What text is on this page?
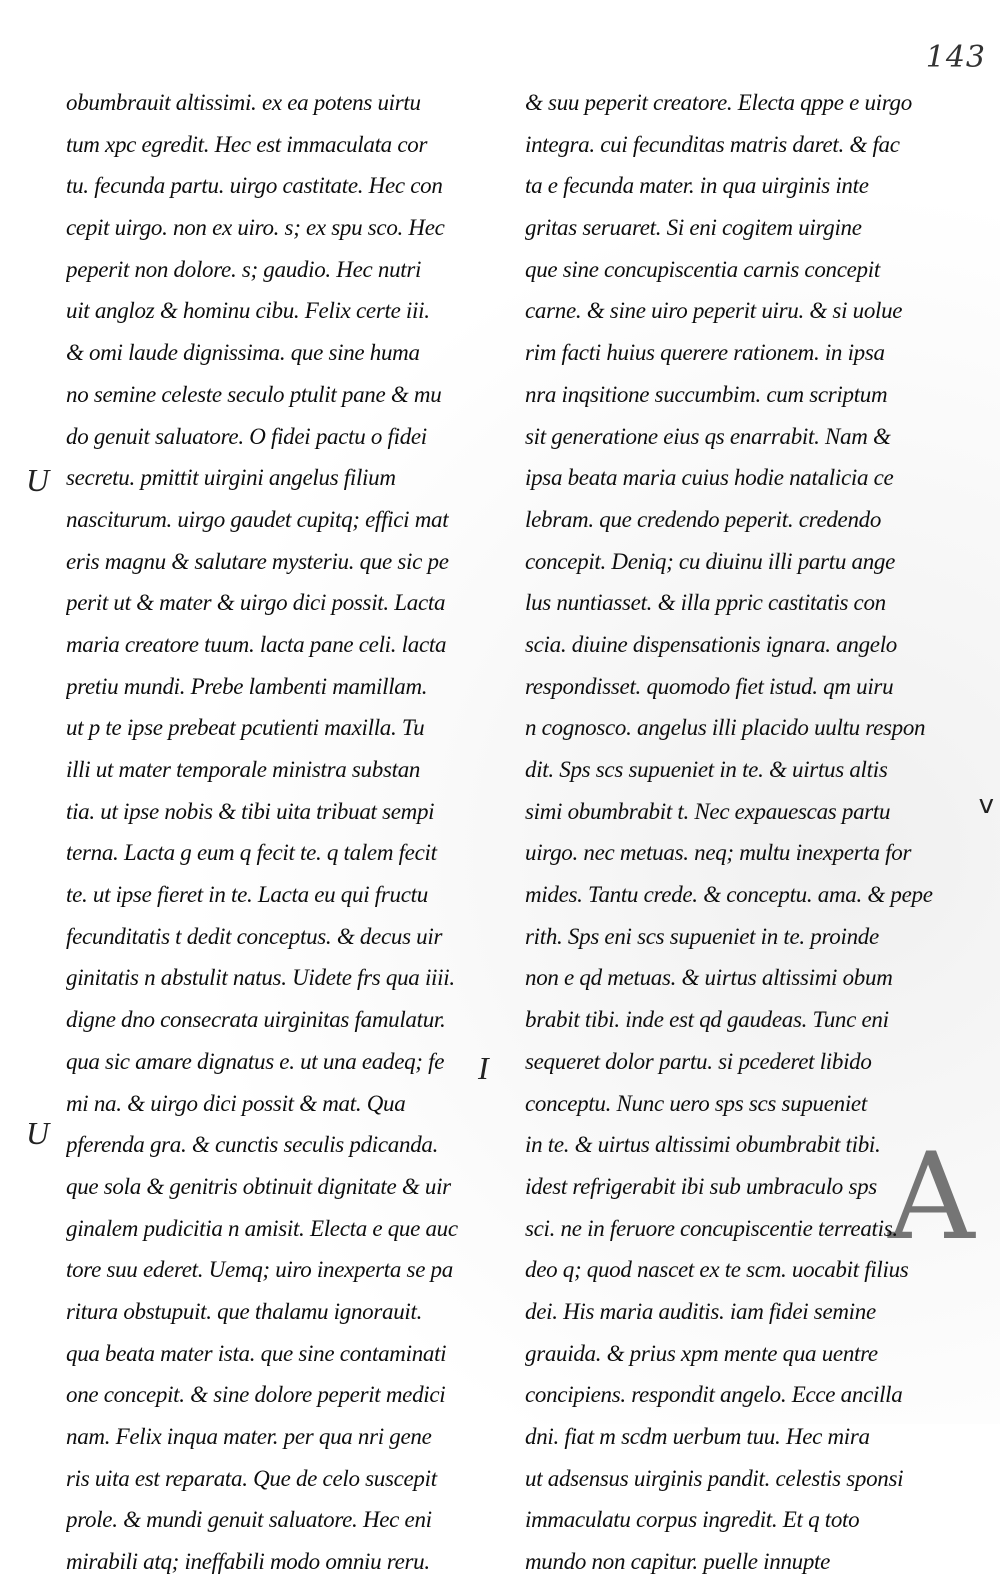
143
U
U
I
v
A
obumbrauit altissimi. ex ea potens uirtu
tum xpc egredit. Hec est immaculata cor
tu. fecunda partu. uirgo castitate. Hec con
cepit uirgo. non ex uiro. s; ex spu sco. Hec
peperit non dolore. s; gaudio. Hec nutri
uit angloz & hominu cibu. Felix certe iii.
& omi laude dignissima. que sine huma
no semine celeste seculo ptulit pane & mu
do genuit saluatore. O fidei pactu o fidei
secretu. pmittit uirgini angelus filium
nasciturum. uirgo gaudet cupitq; effici mat
eris magnu & salutare mysteriu. que sic pe
perit ut & mater & uirgo dici possit. Lacta
maria creatore tuum. lacta pane celi. lacta
pretiu mundi. Prebe lambenti mamillam.
ut p te ipse prebeat pcutienti maxilla. Tu
illi ut mater temporale ministra substan
tia. ut ipse nobis & tibi uita tribuat sempi
terna. Lacta g eum q fecit te. q talem fecit
te. ut ipse fieret in te. Lacta eu qui fructu
fecunditatis t dedit conceptus. & decus uir
ginitatis n abstulit natus. Uidete frs qua iiii.
digne dno consecrata uirginitas famulatur.
qua sic amare dignatus e. ut una eadeq; fe
mi na. & uirgo dici possit & mat. Qua
pferenda gra. & cunctis seculis pdicanda.
que sola & genitris obtinuit dignitate & uir
ginalem pudicitia n amisit. Electa e que auc
tore suu ederet. Uemq; uiro inexperta se pa
ritura obstupuit. que thalamu ignorauit.
qua beata mater ista. que sine contaminati
one concepit. & sine dolore peperit medici
nam. Felix inqua mater. per qua nri gene
ris uita est reparata. Que de celo suscepit
prole. & mundi genuit saluatore. Hec eni
mirabili atq; ineffabili modo omniu reru.
& suu peperit creatore. Electa qppe e uirgo
integra. cui fecunditas matris daret. & fac
ta e fecunda mater. in qua uirginis inte
gritas seruaret. Si eni cogitem uirgine
que sine concupiscentia carnis concepit
carne. & sine uiro peperit uiru. & si uolue
rim facti huius querere rationem. in ipsa
nra inqsitione succumbim. cum scriptum
sit generatione eius qs enarrabit. Nam &
ipsa beata maria cuius hodie natalicia ce
lebram. que credendo peperit. credendo
concepit. Deniq; cu diuinu illi partu ange
lus nuntiasset. & illa ppric castitatis con
scia. diuine dispensationis ignara. angelo
respondisset. quomodo fiet istud. qm uiru
n cognosco. angelus illi placido uultu respon
dit. Sps scs supueniet in te. & uirtus altis
simi obumbrabit t. Nec expauescas partu
uirgo. nec metuas. neq; multu inexperta for
mides. Tantu crede. & conceptu. ama. & pepe
rith. Sps eni scs supueniet in te. proinde
non e qd metuas. & uirtus altissimi obum
brabit tibi. inde est qd gaudeas. Tunc eni
sequeret dolor partu. si pcederet libido
conceptu. Nunc uero sps scs supueniet
in te. & uirtus altissimi obumbrabit tibi.
idest refrigerabit ibi sub umbraculo sps
sci. ne in feruore concupiscentie terreatis.
deo q; quod nascet ex te scm. uocabit filius
dei. His maria auditis. iam fidei semine
grauida. & prius xpm mente qua uentre
concipiens. respondit angelo. Ecce ancilla
dni. fiat m scdm uerbum tuu. Hec mira
ut adsensus uirginis pandit. celestis sponsi
immaculatu corpus ingredit. Et q toto
mundo non capitur. puelle innupte
